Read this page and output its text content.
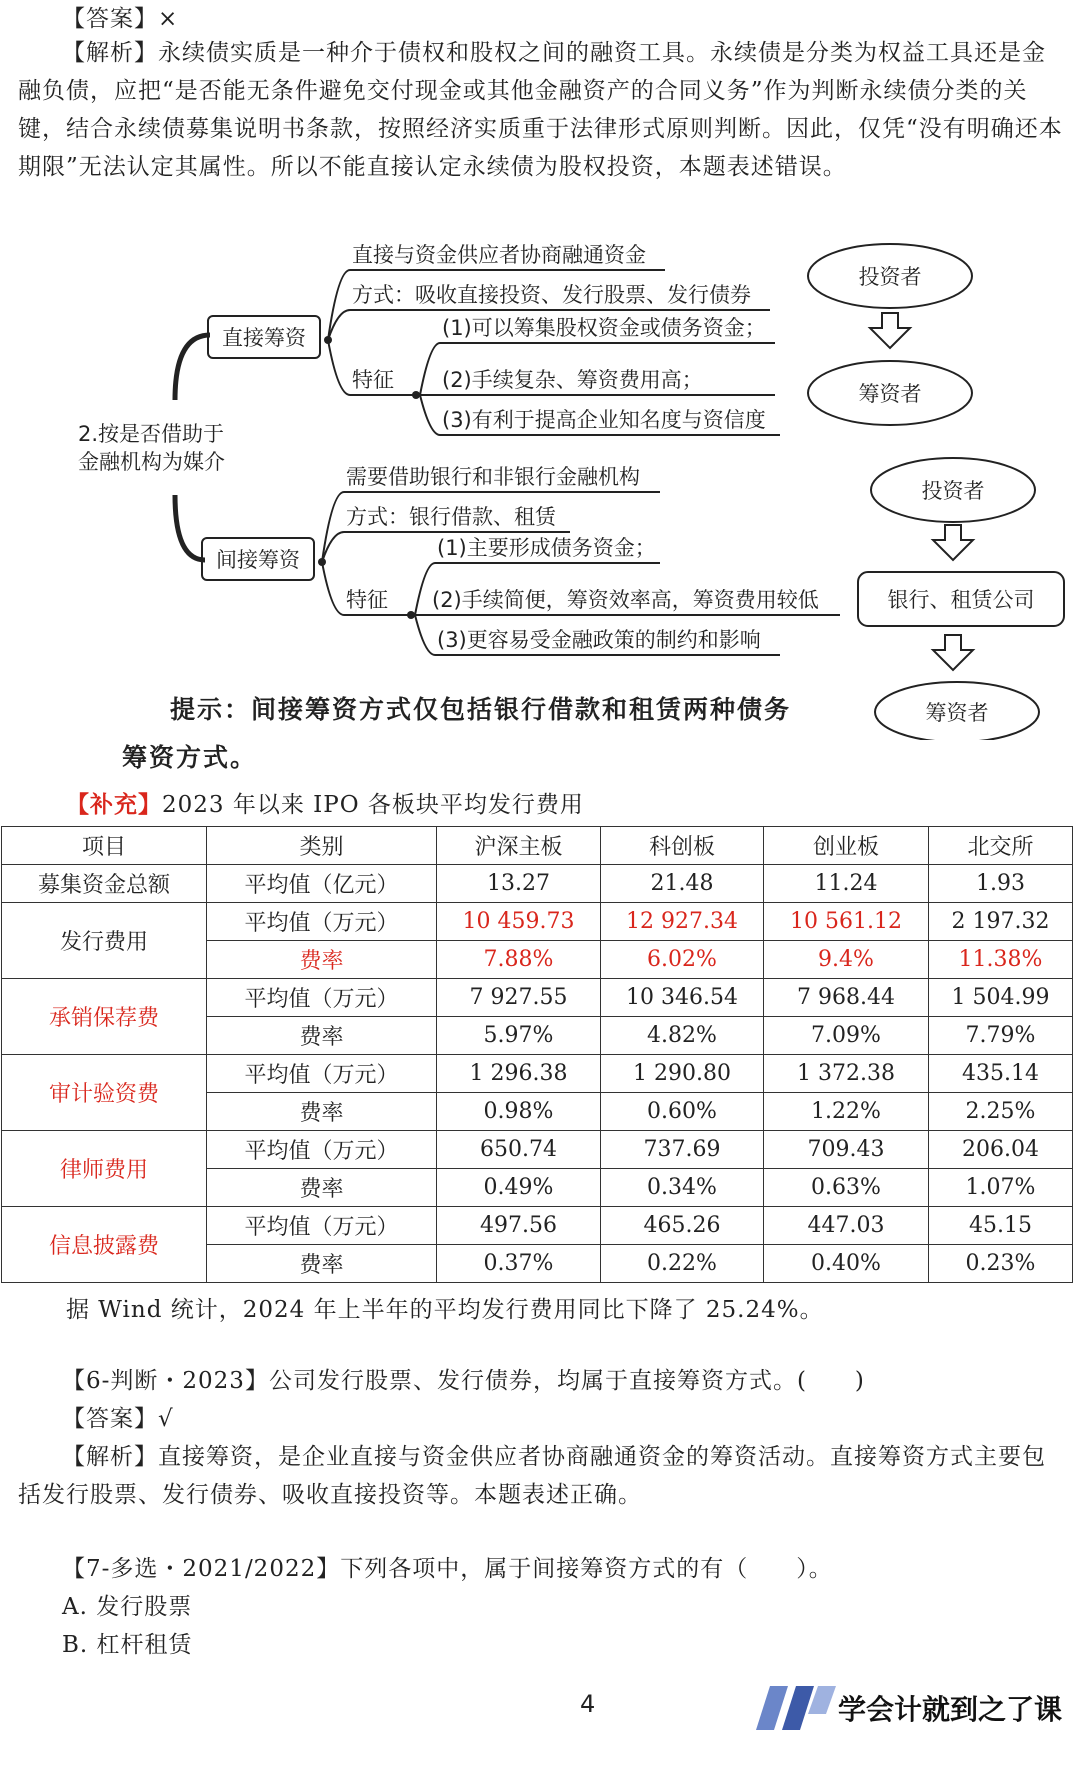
【答案】×
【解析】永续债实质是一种介于债权和股权之间的融资工具。永续债是分类为权益工具还是金融负债，应把“是否能无条件避免交付现金或其他金融资产的合同义务”作为判断永续债分类的关键，结合永续债募集说明书条款，按照经济实质重于法律形式原则判断。因此，仅凭“没有明确还本期限”无法认定其属性。所以不能直接认定永续债为股权投资，本题表述错误。
2.按是否借助于
金融机构为媒介
直接筹资
直接与资金供应者协商融通资金
方式：吸收直接投资、发行股票、发行债券
特征
(1)可以筹集股权资金或债务资金；
(2)手续复杂、筹资费用高；
(3)有利于提高企业知名度与资信度
投资者
筹资者
间接筹资
需要借助银行和非银行金融机构
方式：银行借款、租赁
特征
(1)主要形成债务资金；
(2)手续简便，筹资效率高，筹资费用较低
(3)更容易受金融政策的制约和影响
投资者
银行、租赁公司
筹资者
提示：间接筹资方式仅包括银行借款和租赁两种债务
筹资方式。
【补充】2023 年以来 IPO 各板块平均发行费用
项目	类别	沪深主板	科创板	创业板	北交所
募集资金总额	平均值（亿元）	13.27	21.48	11.24	1.93
发行费用	平均值（万元）	10 459.73	12 927.34	10 561.12	2 197.32
	费率	7.88%	6.02%	9.4%	11.38%
承销保荐费	平均值（万元）	7 927.55	10 346.54	7 968.44	1 504.99
	费率	5.97%	4.82%	7.09%	7.79%
审计验资费	平均值（万元）	1 296.38	1 290.80	1 372.38	435.14
	费率	0.98%	0.60%	1.22%	2.25%
律师费用	平均值（万元）	650.74	737.69	709.43	206.04
	费率	0.49%	0.34%	0.63%	1.07%
信息披露费	平均值（万元）	497.56	465.26	447.03	45.15
	费率	0.37%	0.22%	0.40%	0.23%
据 Wind 统计，2024 年上半年的平均发行费用同比下降了 25.24%。
【6-判断・2023】公司发行股票、发行债券，均属于直接筹资方式。(　　)
【答案】√
【解析】直接筹资，是企业直接与资金供应者协商融通资金的筹资活动。直接筹资方式主要包括发行股票、发行债券、吸收直接投资等。本题表述正确。
【7-多选・2021/2022】下列各项中，属于间接筹资方式的有（　　）。
A. 发行股票
B. 杠杆租赁
4	学会计就到之了课
